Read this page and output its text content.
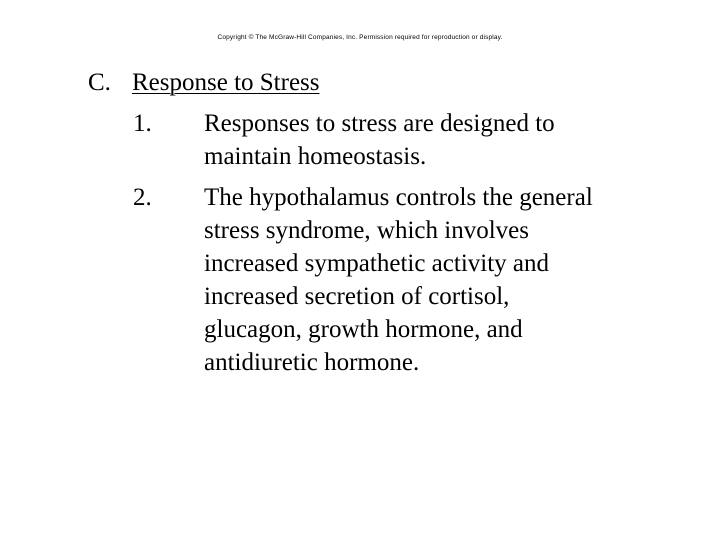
Copyright © The McGraw-Hill Companies, Inc. Permission required for reproduction or display.
C. Response to Stress
1. Responses to stress are designed to
maintain homeostasis.
2. The hypothalamus controls the general
stress syndrome, which involves
increased sympathetic activity and
increased secretion of cortisol,
glucagon, growth hormone, and
antidiuretic hormone.
